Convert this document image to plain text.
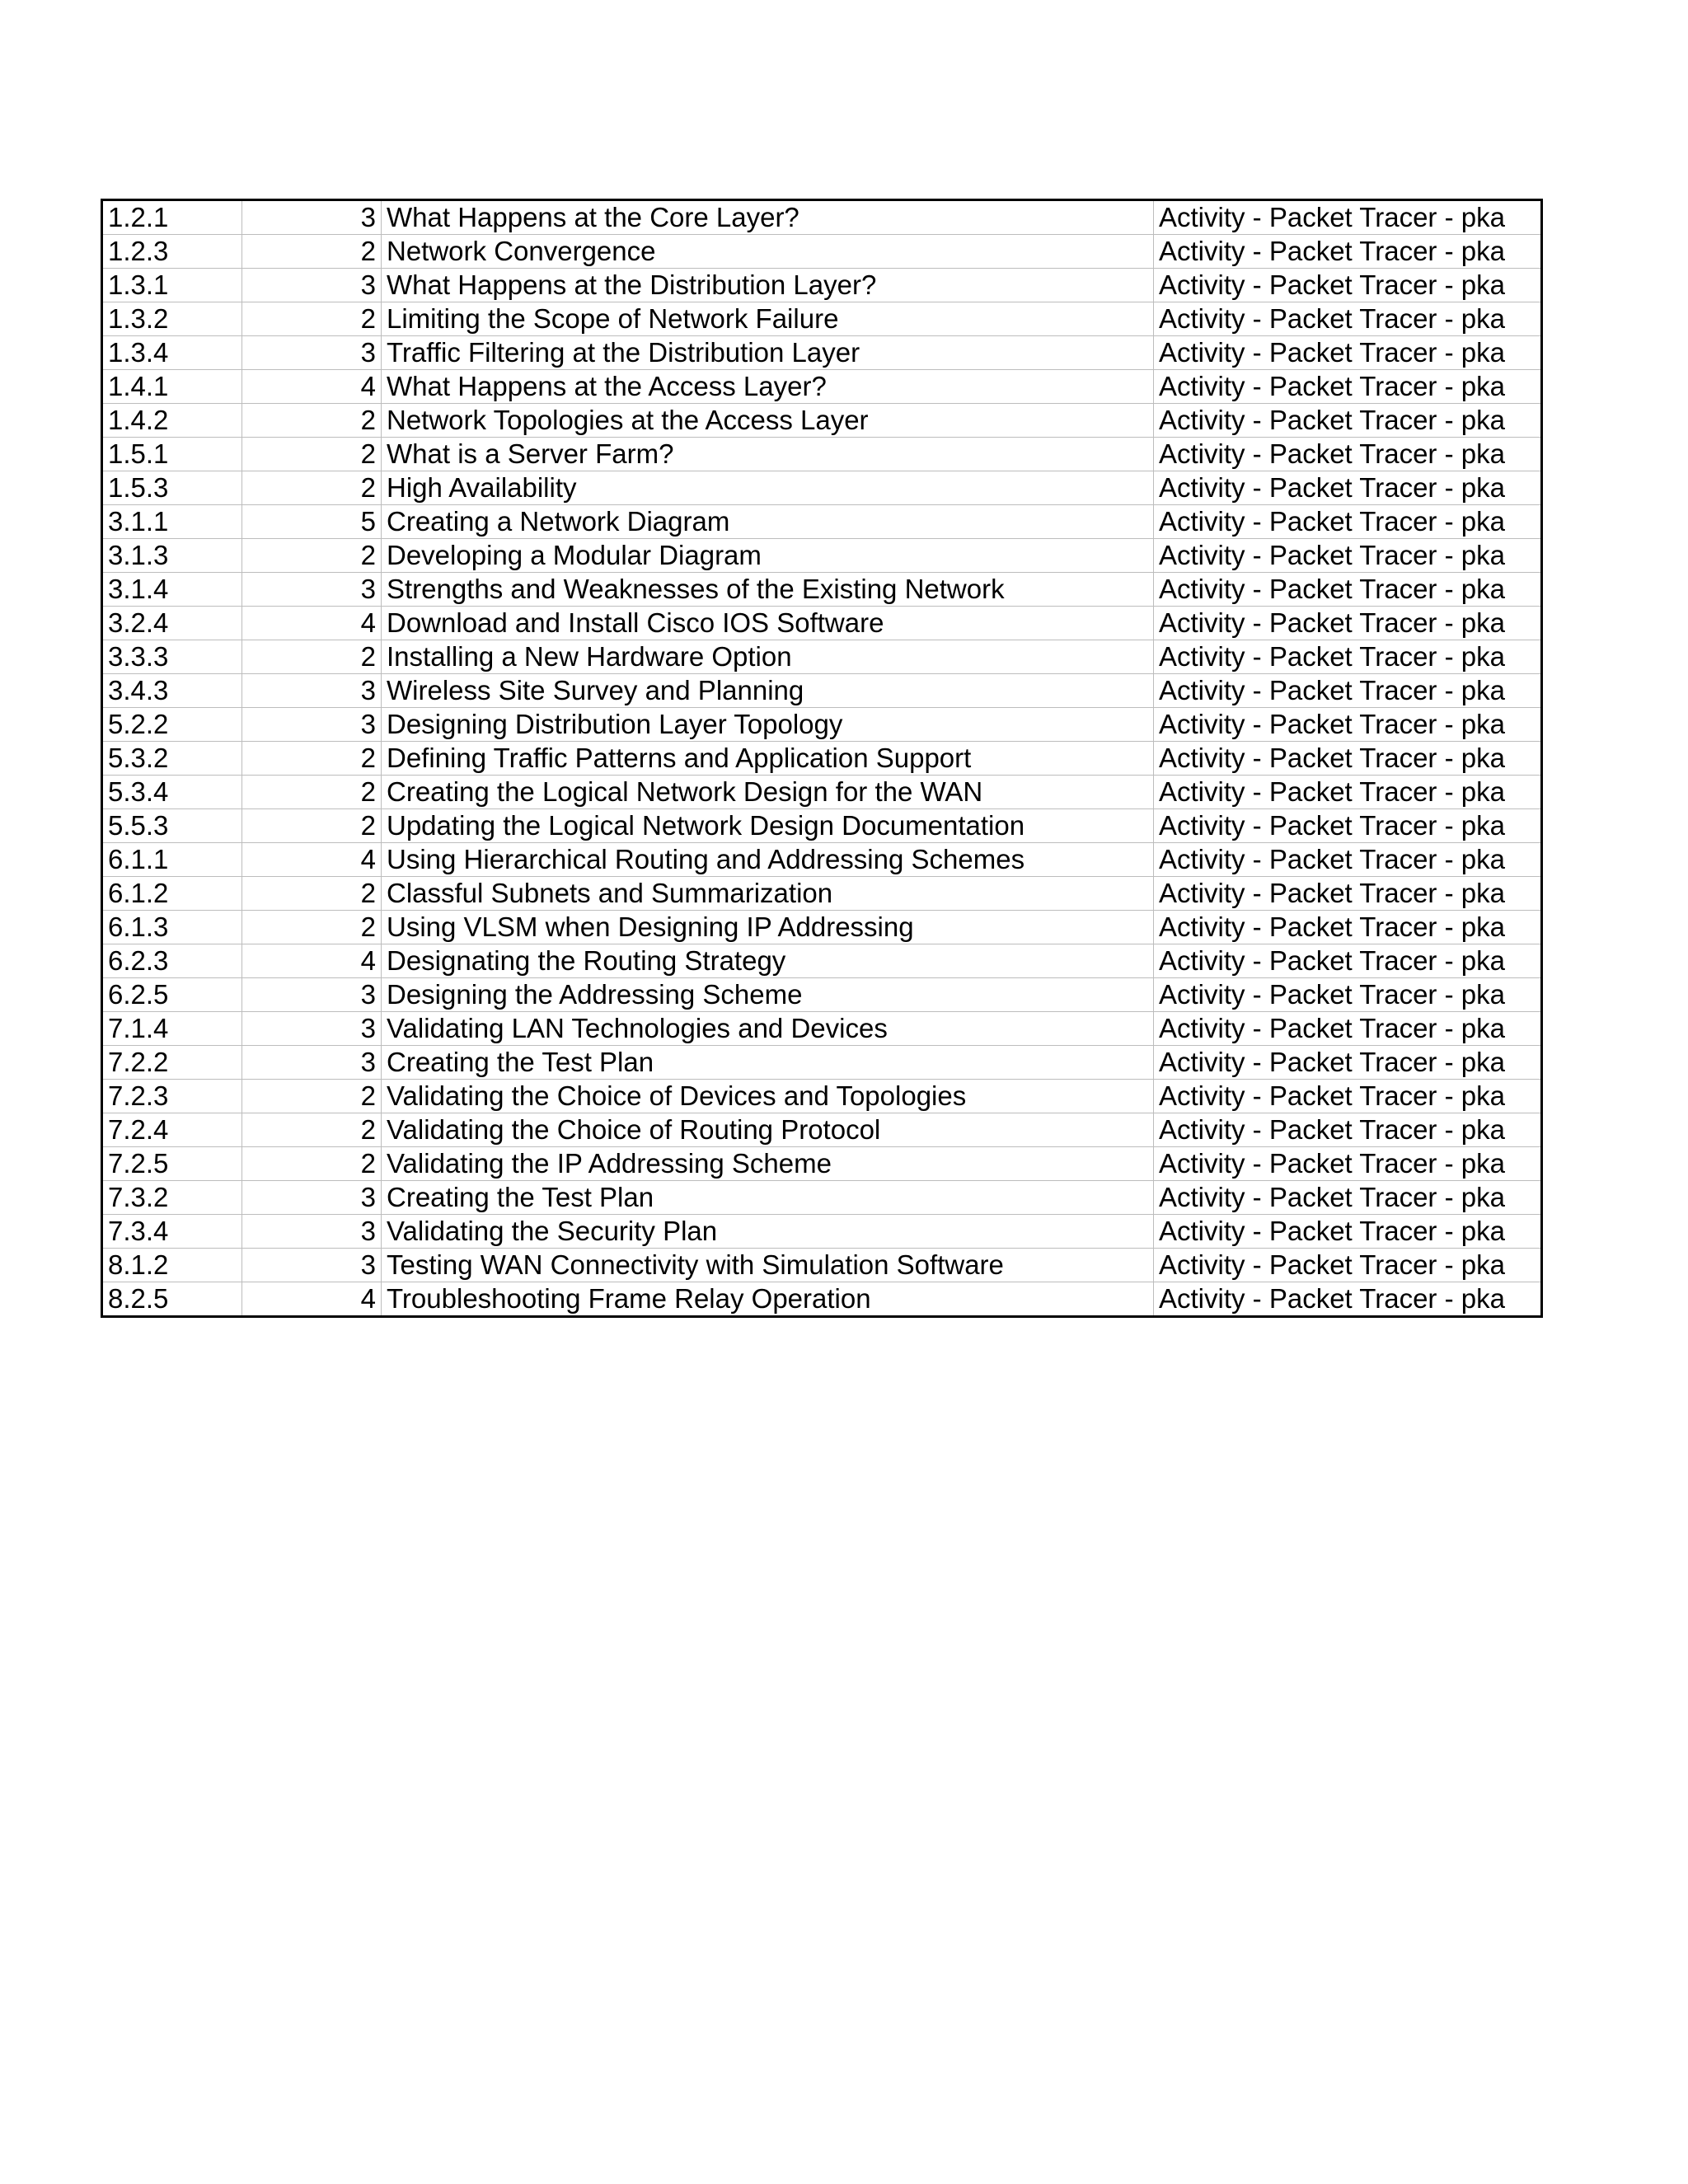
1.2.1	3	What Happens at the Core Layer?	Activity - Packet Tracer - pka
1.2.3	2	Network Convergence	Activity - Packet Tracer - pka
1.3.1	3	What Happens at the Distribution Layer?	Activity - Packet Tracer - pka
1.3.2	2	Limiting the Scope of Network Failure	Activity - Packet Tracer - pka
1.3.4	3	Traffic Filtering at the Distribution Layer	Activity - Packet Tracer - pka
1.4.1	4	What Happens at the Access Layer?	Activity - Packet Tracer - pka
1.4.2	2	Network Topologies at the Access Layer	Activity - Packet Tracer - pka
1.5.1	2	What is a Server Farm?	Activity - Packet Tracer - pka
1.5.3	2	High Availability	Activity - Packet Tracer - pka
3.1.1	5	Creating a Network Diagram	Activity - Packet Tracer - pka
3.1.3	2	Developing a Modular Diagram	Activity - Packet Tracer - pka
3.1.4	3	Strengths and Weaknesses of the Existing Network	Activity - Packet Tracer - pka
3.2.4	4	Download and Install Cisco IOS Software	Activity - Packet Tracer - pka
3.3.3	2	Installing a New Hardware Option	Activity - Packet Tracer - pka
3.4.3	3	Wireless Site Survey and Planning	Activity - Packet Tracer - pka
5.2.2	3	Designing Distribution Layer Topology	Activity - Packet Tracer - pka
5.3.2	2	Defining Traffic Patterns and Application Support	Activity - Packet Tracer - pka
5.3.4	2	Creating the Logical Network Design for the WAN	Activity - Packet Tracer - pka
5.5.3	2	Updating the Logical Network Design Documentation	Activity - Packet Tracer - pka
6.1.1	4	Using Hierarchical Routing and Addressing Schemes	Activity - Packet Tracer - pka
6.1.2	2	Classful Subnets and Summarization	Activity - Packet Tracer - pka
6.1.3	2	Using VLSM when Designing IP Addressing	Activity - Packet Tracer - pka
6.2.3	4	Designating the Routing Strategy	Activity - Packet Tracer - pka
6.2.5	3	Designing the Addressing Scheme	Activity - Packet Tracer - pka
7.1.4	3	Validating LAN Technologies and Devices	Activity - Packet Tracer - pka
7.2.2	3	Creating the Test Plan	Activity - Packet Tracer - pka
7.2.3	2	Validating the Choice of Devices and Topologies	Activity - Packet Tracer - pka
7.2.4	2	Validating the Choice of Routing Protocol	Activity - Packet Tracer - pka
7.2.5	2	Validating the IP Addressing Scheme	Activity - Packet Tracer - pka
7.3.2	3	Creating the Test Plan	Activity - Packet Tracer - pka
7.3.4	3	Validating the Security Plan	Activity - Packet Tracer - pka
8.1.2	3	Testing WAN Connectivity with Simulation Software	Activity - Packet Tracer - pka
8.2.5	4	Troubleshooting Frame Relay Operation	Activity - Packet Tracer - pka
